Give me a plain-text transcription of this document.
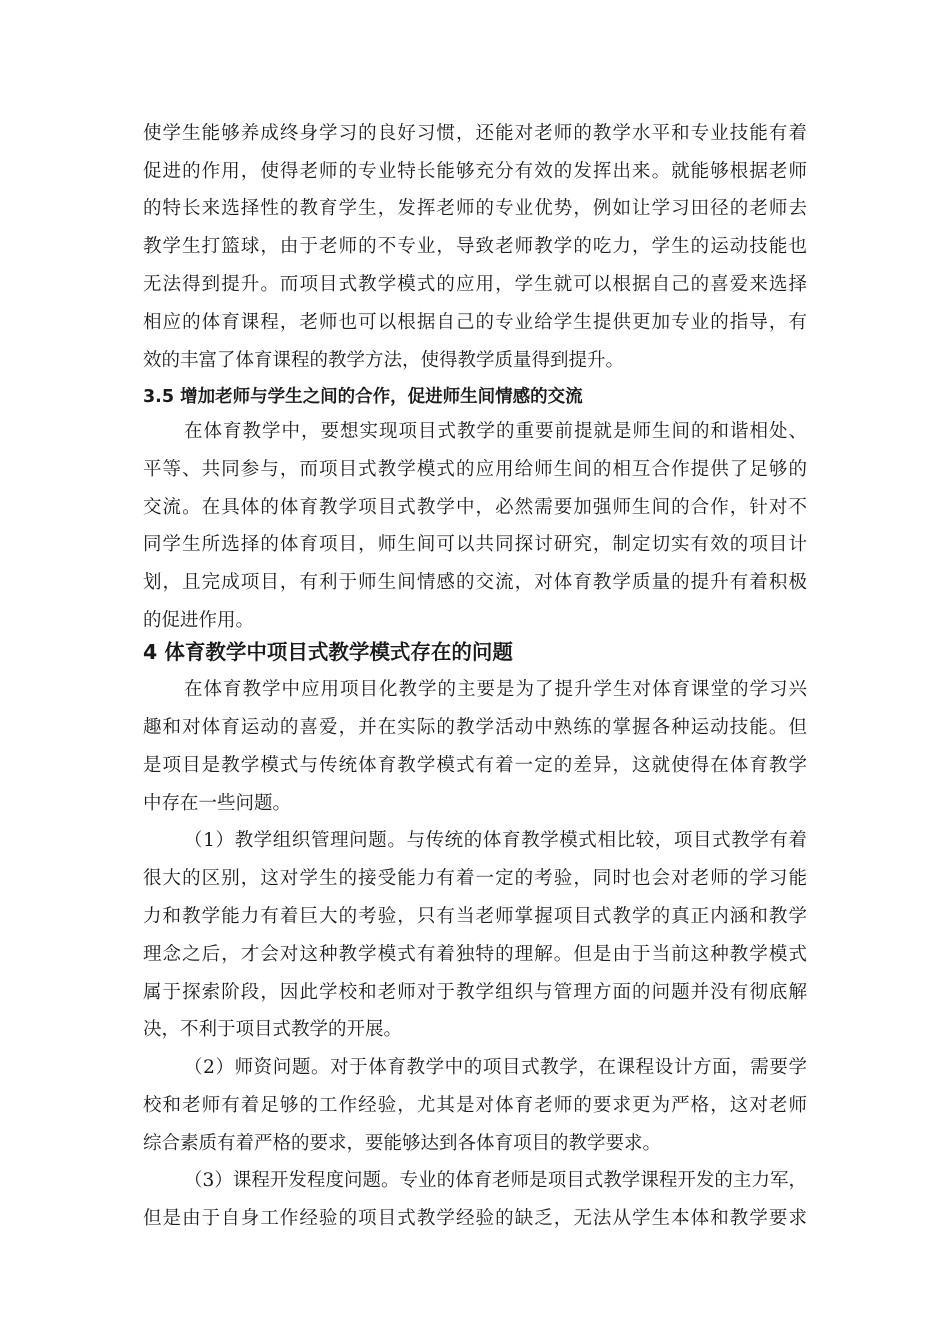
使学生能够养成终身学习的良好习惯，还能对老师的教学水平和专业技能有着
促进的作用，使得老师的专业特长能够充分有效的发挥出来。就能够根据老师
的特长来选择性的教育学生，发挥老师的专业优势，例如让学习田径的老师去
教学生打篮球，由于老师的不专业，导致老师教学的吃力，学生的运动技能也
无法得到提升。而项目式教学模式的应用，学生就可以根据自己的喜爱来选择
相应的体育课程，老师也可以根据自己的专业给学生提供更加专业的指导，有
效的丰富了体育课程的教学方法，使得教学质量得到提升。
3.5 增加老师与学生之间的合作，促进师生间情感的交流
在体育教学中，要想实现项目式教学的重要前提就是师生间的和谐相处、
平等、共同参与，而项目式教学模式的应用给师生间的相互合作提供了足够的
交流。在具体的体育教学项目式教学中，必然需要加强师生间的合作，针对不
同学生所选择的体育项目，师生间可以共同探讨研究，制定切实有效的项目计
划，且完成项目，有利于师生间情感的交流，对体育教学质量的提升有着积极
的促进作用。
4 体育教学中项目式教学模式存在的问题
在体育教学中应用项目化教学的主要是为了提升学生对体育课堂的学习兴
趣和对体育运动的喜爱，并在实际的教学活动中熟练的掌握各种运动技能。但
是项目是教学模式与传统体育教学模式有着一定的差异，这就使得在体育教学
中存在一些问题。
（1）教学组织管理问题。与传统的体育教学模式相比较，项目式教学有着
很大的区别，这对学生的接受能力有着一定的考验，同时也会对老师的学习能
力和教学能力有着巨大的考验，只有当老师掌握项目式教学的真正内涵和教学
理念之后，才会对这种教学模式有着独特的理解。但是由于当前这种教学模式
属于探索阶段，因此学校和老师对于教学组织与管理方面的问题并没有彻底解
决，不利于项目式教学的开展。
（2）师资问题。对于体育教学中的项目式教学，在课程设计方面，需要学
校和老师有着足够的工作经验，尤其是对体育老师的要求更为严格，这对老师
综合素质有着严格的要求，要能够达到各体育项目的教学要求。
（3）课程开发程度问题。专业的体育老师是项目式教学课程开发的主力军，
但是由于自身工作经验的项目式教学经验的缺乏，无法从学生本体和教学要求
